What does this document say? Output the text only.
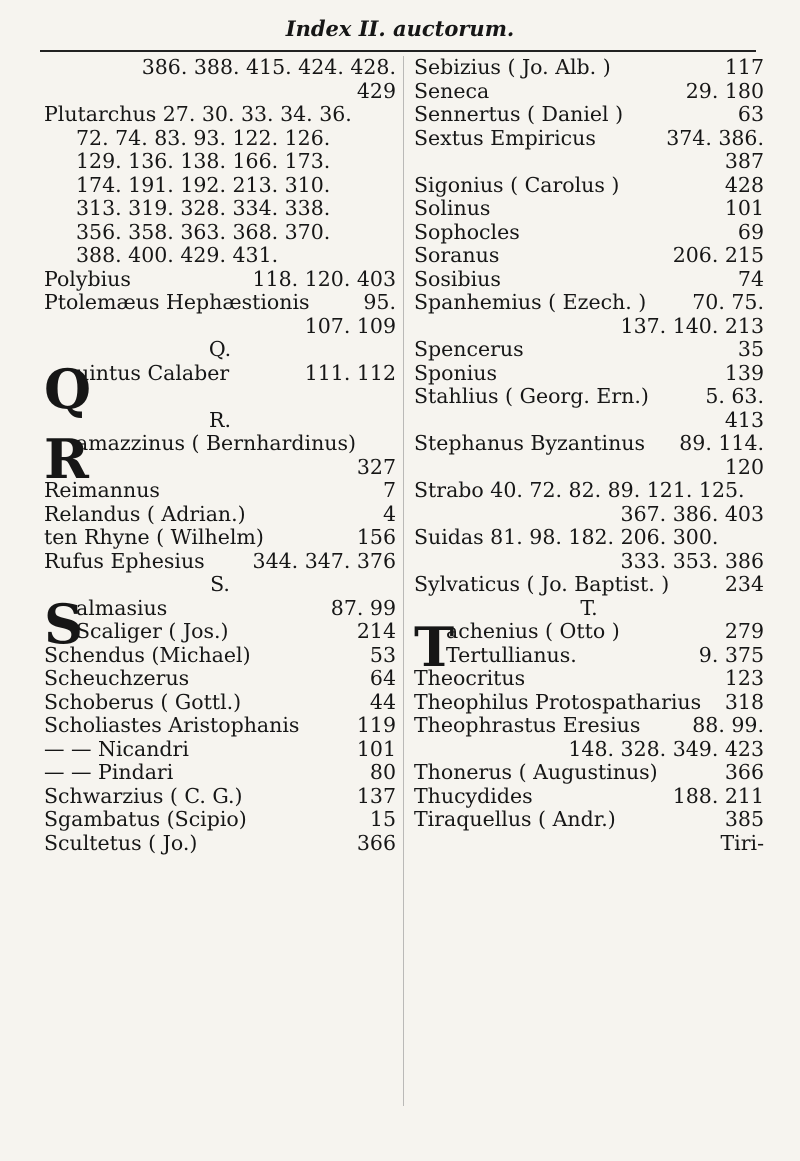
Index II. auctorum.
386. 388. 415. 424. 428.
429
Plutarchus 27. 30. 33. 34. 36.
72. 74. 83. 93. 122. 126.
129. 136. 138. 166. 173.
174. 191. 192. 213. 310.
313. 319. 328. 334. 338.
356. 358. 363. 368. 370.
388. 400. 429. 431.
Polybius	118. 120. 403
Ptolemæus Hephæstionis	95.
107. 109
Q.
Q
uintus Calaber	111. 112
R.
R
amazzinus ( Bernhardinus)
327
Reimannus	7
Relandus ( Adrian.)	4
ten Rhyne ( Wilhelm)	156
Rufus Ephesius 344. 347. 376
S.
S
almasius	87. 99
Scaliger ( Jos.)	214
Schendus (Michael)	53
Scheuchzerus	64
Schoberus ( Gottl.)	44
Scholiastes Aristophanis	119
— — Nicandri	101
— — Pindari	80
Schwarzius ( C. G.)	137
Sgambatus (Scipio)	15
Scultetus ( Jo.)	366
Sebizius ( Jo. Alb. )	117
Seneca	29. 180
Sennertus ( Daniel )	63
Sextus Empiricus	374. 386.
387
Sigonius ( Carolus )	428
Solinus	101
Sophocles	69
Soranus	206. 215
Sosibius	74
Spanhemius ( Ezech. ) 70. 75.
137. 140. 213
Spencerus	35
Sponius	139
Stahlius ( Georg. Ern.)	5. 63.
413
Stephanus Byzantinus 89. 114.
120
Strabo 40. 72. 82. 89. 121. 125.
367. 386. 403
Suidas 81. 98. 182. 206. 300.
333. 353. 386
Sylvaticus ( Jo. Baptist. )	234
T.
T
achenius ( Otto )	279
Tertullianus.	9. 375
Theocritus	123
Theophilus Protospatharius 318
Theophrastus Eresius	88. 99.
148. 328. 349. 423
Thonerus ( Augustinus)	366
Thucydides	188. 211
Tiraquellus ( Andr.)	385
Tiri-
